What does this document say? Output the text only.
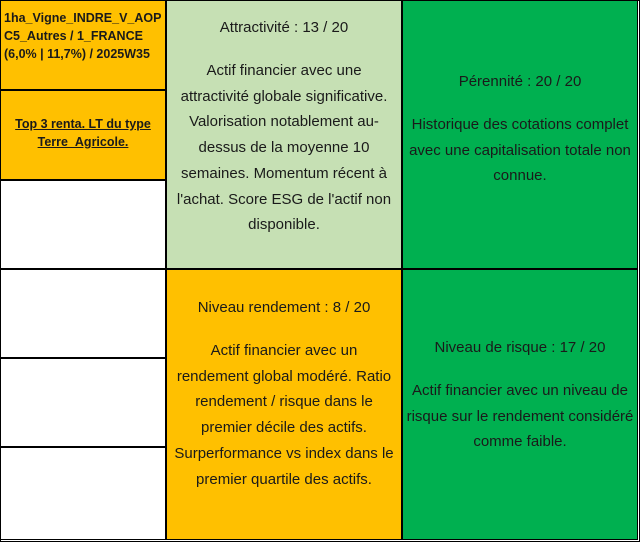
1ha_Vigne_INDRE_V_AOP
C5_Autres / 1_FRANCE
(6,0% | 11,7%) / 2025W35
Top 3 renta. LT du type Terre_Agricole.
Attractivité : 13 / 20
Actif financier avec une attractivité globale significative. Valorisation notablement au-dessus de la moyenne 10 semaines. Momentum récent à l'achat. Score ESG de l'actif non disponible.
Pérennité : 20 / 20
Historique des cotations complet avec une capitalisation totale non connue.
Niveau rendement : 8 / 20
Actif financier avec un rendement global modéré. Ratio rendement / risque dans le premier décile des actifs. Surperformance vs index dans le premier quartile des actifs.
Niveau de risque : 17 / 20
Actif financier avec un niveau de risque sur le rendement considéré comme faible.
